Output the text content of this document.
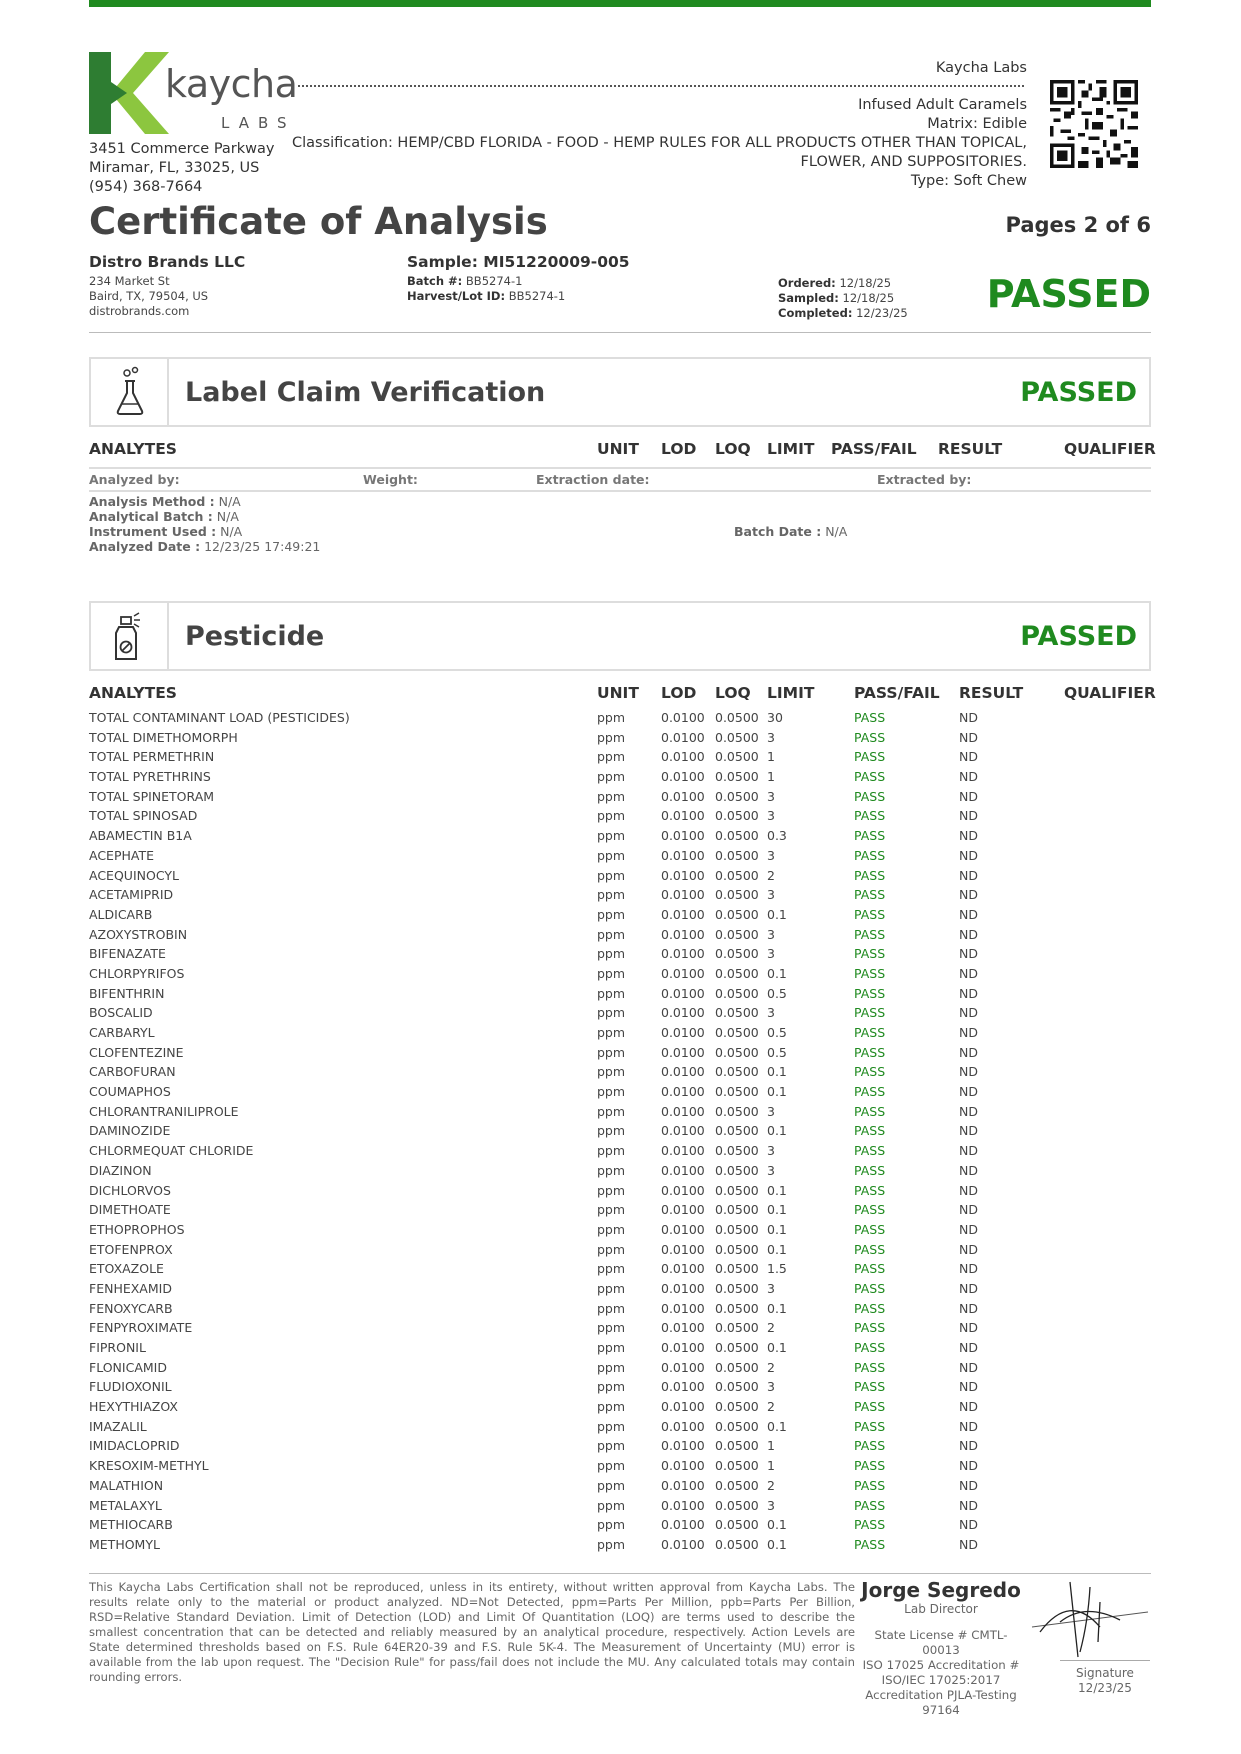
kaycha
LABS
3451 Commerce Parkway
Miramar, FL, 33025, US
(954) 368-7664
Kaycha Labs
Infused Adult Caramels
Matrix: Edible
Classification: HEMP/CBD FLORIDA - FOOD - HEMP RULES FOR ALL PRODUCTS OTHER THAN TOPICAL,
FLOWER, AND SUPPOSITORIES.
Type: Soft Chew
Certificate of Analysis	Pages 2 of 6
Distro Brands LLC
234 Market St
Baird, TX, 79504, US
distrobrands.com
Sample: MI51220009-005
Batch #: BB5274-1
Harvest/Lot ID: BB5274-1
Ordered: 12/18/25
Sampled: 12/18/25
Completed: 12/23/25 PASSED
Label Claim Verification	PASSED
ANALYTES	UNIT LOD LOQ LIMIT PASS/FAIL RESULT	QUALIFIER
Analyzed by:	Weight:	Extraction date:	Extracted by:
Analysis Method : N/A
Analytical Batch : N/A
Instrument Used : N/A
Analyzed Date : 12/23/25 17:49:21
Batch Date : N/A
Pesticide	PASSED
ANALYTES	UNIT LOD LOQ LIMIT	PASS/FAIL RESULT	QUALIFIER
TOTAL CONTAMINANT LOAD (PESTICIDES)	ppm	0.0100 0.0500 30	PASS	ND
TOTAL DIMETHOMORPH	ppm	0.0100 0.0500 3	PASS	ND
TOTAL PERMETHRIN	ppm	0.0100 0.0500 1	PASS	ND
TOTAL PYRETHRINS	ppm	0.0100 0.0500 1	PASS	ND
TOTAL SPINETORAM	ppm	0.0100 0.0500 3	PASS	ND
TOTAL SPINOSAD	ppm	0.0100 0.0500 3	PASS	ND
ABAMECTIN B1A	ppm	0.0100 0.0500 0.3	PASS	ND
ACEPHATE	ppm	0.0100 0.0500 3	PASS	ND
ACEQUINOCYL	ppm	0.0100 0.0500 2	PASS	ND
ACETAMIPRID	ppm	0.0100 0.0500 3	PASS	ND
ALDICARB	ppm	0.0100 0.0500 0.1	PASS	ND
AZOXYSTROBIN	ppm	0.0100 0.0500 3	PASS	ND
BIFENAZATE	ppm	0.0100 0.0500 3	PASS	ND
CHLORPYRIFOS	ppm	0.0100 0.0500 0.1	PASS	ND
BIFENTHRIN	ppm	0.0100 0.0500 0.5	PASS	ND
BOSCALID	ppm	0.0100 0.0500 3	PASS	ND
CARBARYL	ppm	0.0100 0.0500 0.5	PASS	ND
CLOFENTEZINE	ppm	0.0100 0.0500 0.5	PASS	ND
CARBOFURAN	ppm	0.0100 0.0500 0.1	PASS	ND
COUMAPHOS	ppm	0.0100 0.0500 0.1	PASS	ND
CHLORANTRANILIPROLE	ppm	0.0100 0.0500 3	PASS	ND
DAMINOZIDE	ppm	0.0100 0.0500 0.1	PASS	ND
CHLORMEQUAT CHLORIDE	ppm	0.0100 0.0500 3	PASS	ND
DIAZINON	ppm	0.0100 0.0500 3	PASS	ND
DICHLORVOS	ppm	0.0100 0.0500 0.1	PASS	ND
DIMETHOATE	ppm	0.0100 0.0500 0.1	PASS	ND
ETHOPROPHOS	ppm	0.0100 0.0500 0.1	PASS	ND
ETOFENPROX	ppm	0.0100 0.0500 0.1	PASS	ND
ETOXAZOLE	ppm	0.0100 0.0500 1.5	PASS	ND
FENHEXAMID	ppm	0.0100 0.0500 3	PASS	ND
FENOXYCARB	ppm	0.0100 0.0500 0.1	PASS	ND
FENPYROXIMATE	ppm	0.0100 0.0500 2	PASS	ND
FIPRONIL	ppm	0.0100 0.0500 0.1	PASS	ND
FLONICAMID	ppm	0.0100 0.0500 2	PASS	ND
FLUDIOXONIL	ppm	0.0100 0.0500 3	PASS	ND
HEXYTHIAZOX	ppm	0.0100 0.0500 2	PASS	ND
IMAZALIL	ppm	0.0100 0.0500 0.1	PASS	ND
IMIDACLOPRID	ppm	0.0100 0.0500 1	PASS	ND
KRESOXIM-METHYL	ppm	0.0100 0.0500 1	PASS	ND
MALATHION	ppm	0.0100 0.0500 2	PASS	ND
METALAXYL	ppm	0.0100 0.0500 3	PASS	ND
METHIOCARB	ppm	0.0100 0.0500 0.1	PASS	ND
METHOMYL	ppm	0.0100 0.0500 0.1	PASS	ND
This Kaycha Labs Certification shall not be reproduced, unless in its entirety, without written approval from Kaycha Labs. The results relate only to the material or product analyzed. ND=Not Detected, ppm=Parts Per Million, ppb=Parts Per Billion, RSD=Relative Standard Deviation. Limit of Detection (LOD) and Limit Of Quantitation (LOQ) are terms used to describe the smallest concentration that can be detected and reliably measured by an analytical procedure, respectively. Action Levels are State determined thresholds based on F.S. Rule 64ER20-39 and F.S. Rule 5K-4. The Measurement of Uncertainty (MU) error is available from the lab upon request. The "Decision Rule" for pass/fail does not include the MU. Any calculated totals may contain rounding errors.
Jorge Segredo
Lab Director
State License # CMTL-00013
ISO 17025 Accreditation #
ISO/IEC 17025:2017
Accreditation PJLA-Testing
97164
Signature
12/23/25
